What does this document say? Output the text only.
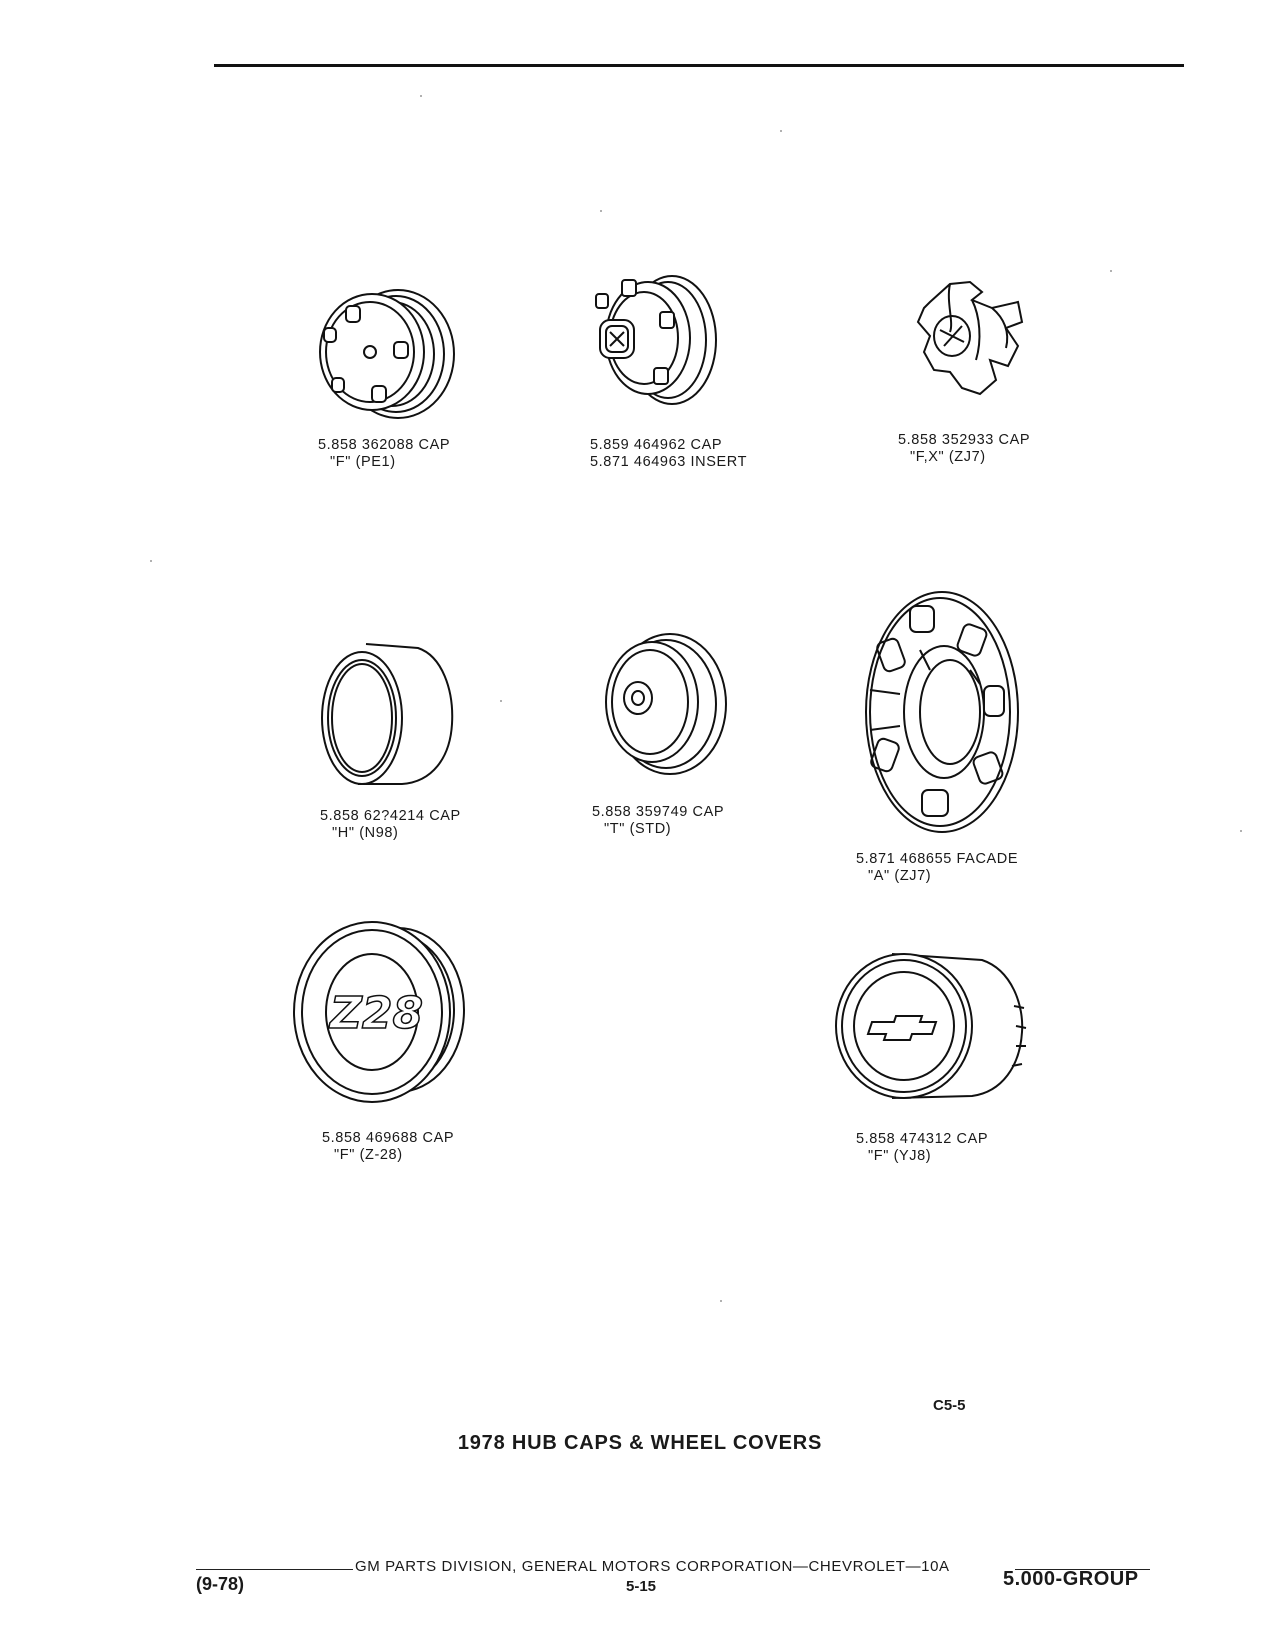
5.858 362088 CAP
"F" (PE1)
5.859 464962 CAP
5.871 464963 INSERT
5.858 352933 CAP
"F,X" (ZJ7)
5.858 62?4214 CAP
"H" (N98)
5.858 359749 CAP
"T" (STD)
5.871 468655 FACADE
"A" (ZJ7)
Z28
5.858 469688 CAP
"F" (Z-28)
5.858 474312 CAP
"F" (YJ8)
C5-5
1978 HUB CAPS & WHEEL COVERS
GM PARTS DIVISION, GENERAL MOTORS CORPORATION—CHEVROLET—10A
(9-78)	5-15	5.000-GROUP
